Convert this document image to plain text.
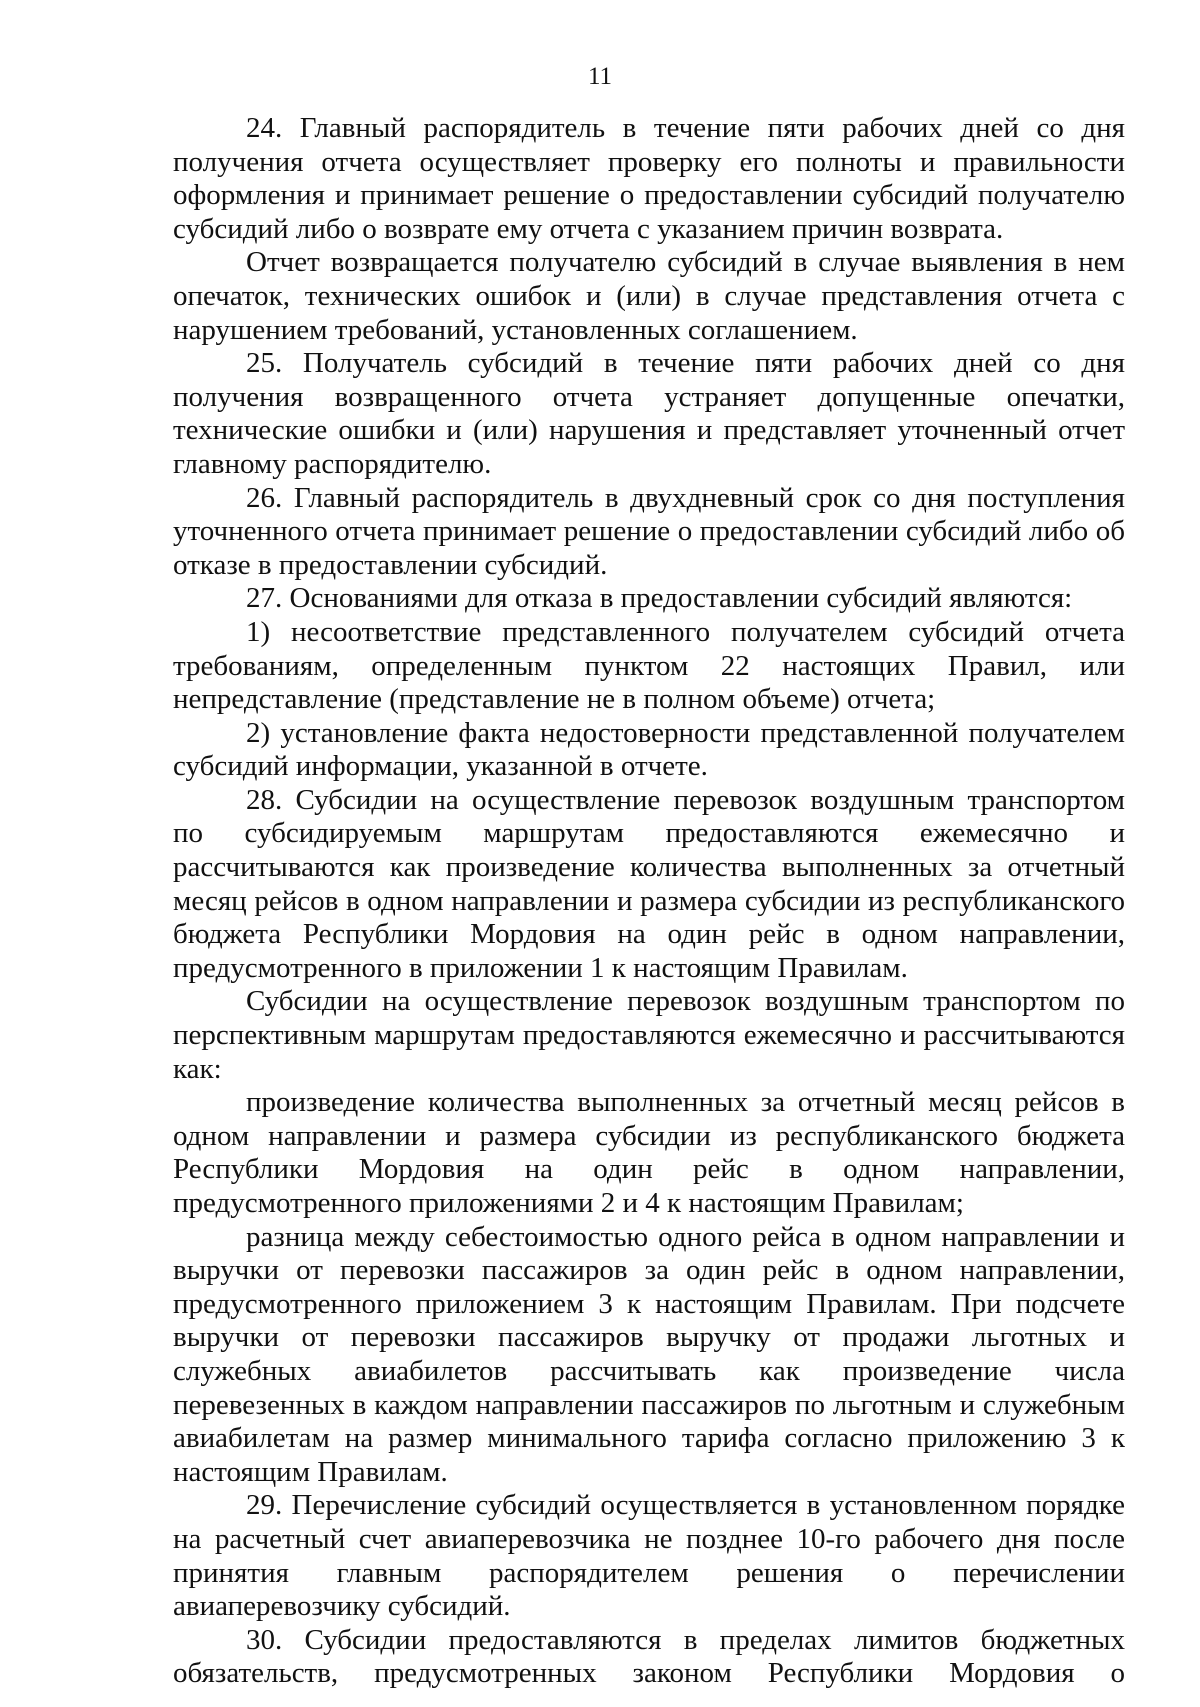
11

24. Главный распорядитель в течение пяти рабочих дней со дня получения отчета осуществляет проверку его полноты и правильности оформления и принимает решение о предоставлении субсидий получателю субсидий либо о возврате ему отчета с указанием причин возврата.

Отчет возвращается получателю субсидий в случае выявления в нем опечаток, технических ошибок и (или) в случае представления отчета с нарушением требований, установленных соглашением.

25. Получатель субсидий в течение пяти рабочих дней со дня получения возвращенного отчета устраняет допущенные опечатки, технические ошибки и (или) нарушения и представляет уточненный отчет главному распорядителю.

26. Главный распорядитель в двухдневный срок со дня поступления уточненного отчета принимает решение о предоставлении субсидий либо об отказе в предоставлении субсидий.

27. Основаниями для отказа в предоставлении субсидий являются:

1) несоответствие представленного получателем субсидий отчета требованиям, определенным пунктом 22 настоящих Правил, или непредставление (представление не в полном объеме) отчета;

2) установление факта недостоверности представленной получателем субсидий информации, указанной в отчете.

28. Субсидии на осуществление перевозок воздушным транспортом по субсидируемым маршрутам предоставляются ежемесячно и рассчитываются как произведение количества выполненных за отчетный месяц рейсов в одном направлении и размера субсидии из республиканского бюджета Республики Мордовия на один рейс в одном направлении, предусмотренного в приложении 1 к настоящим Правилам.

Субсидии на осуществление перевозок воздушным транспортом по перспективным маршрутам предоставляются ежемесячно и рассчитываются как:

произведение количества выполненных за отчетный месяц рейсов в одном направлении и размера субсидии из республиканского бюджета Республики Мордовия на один рейс в одном направлении, предусмотренного приложениями 2 и 4 к настоящим Правилам;

разница между себестоимостью одного рейса в одном направлении и выручки от перевозки пассажиров за один рейс в одном направлении, предусмотренного приложением 3 к настоящим Правилам. При подсчете выручки от перевозки пассажиров выручку от продажи льготных и служебных авиабилетов рассчитывать как произведение числа перевезенных в каждом направлении пассажиров по льготным и служебным авиабилетам на размер минимального тарифа согласно приложению 3 к настоящим Правилам.

29. Перечисление субсидий осуществляется в установленном порядке на расчетный счет авиаперевозчика не позднее 10-го рабочего дня после принятия главным распорядителем решения о перечислении авиаперевозчику субсидий.

30. Субсидии предоставляются в пределах лимитов бюджетных обязательств, предусмотренных законом Республики Мордовия о
